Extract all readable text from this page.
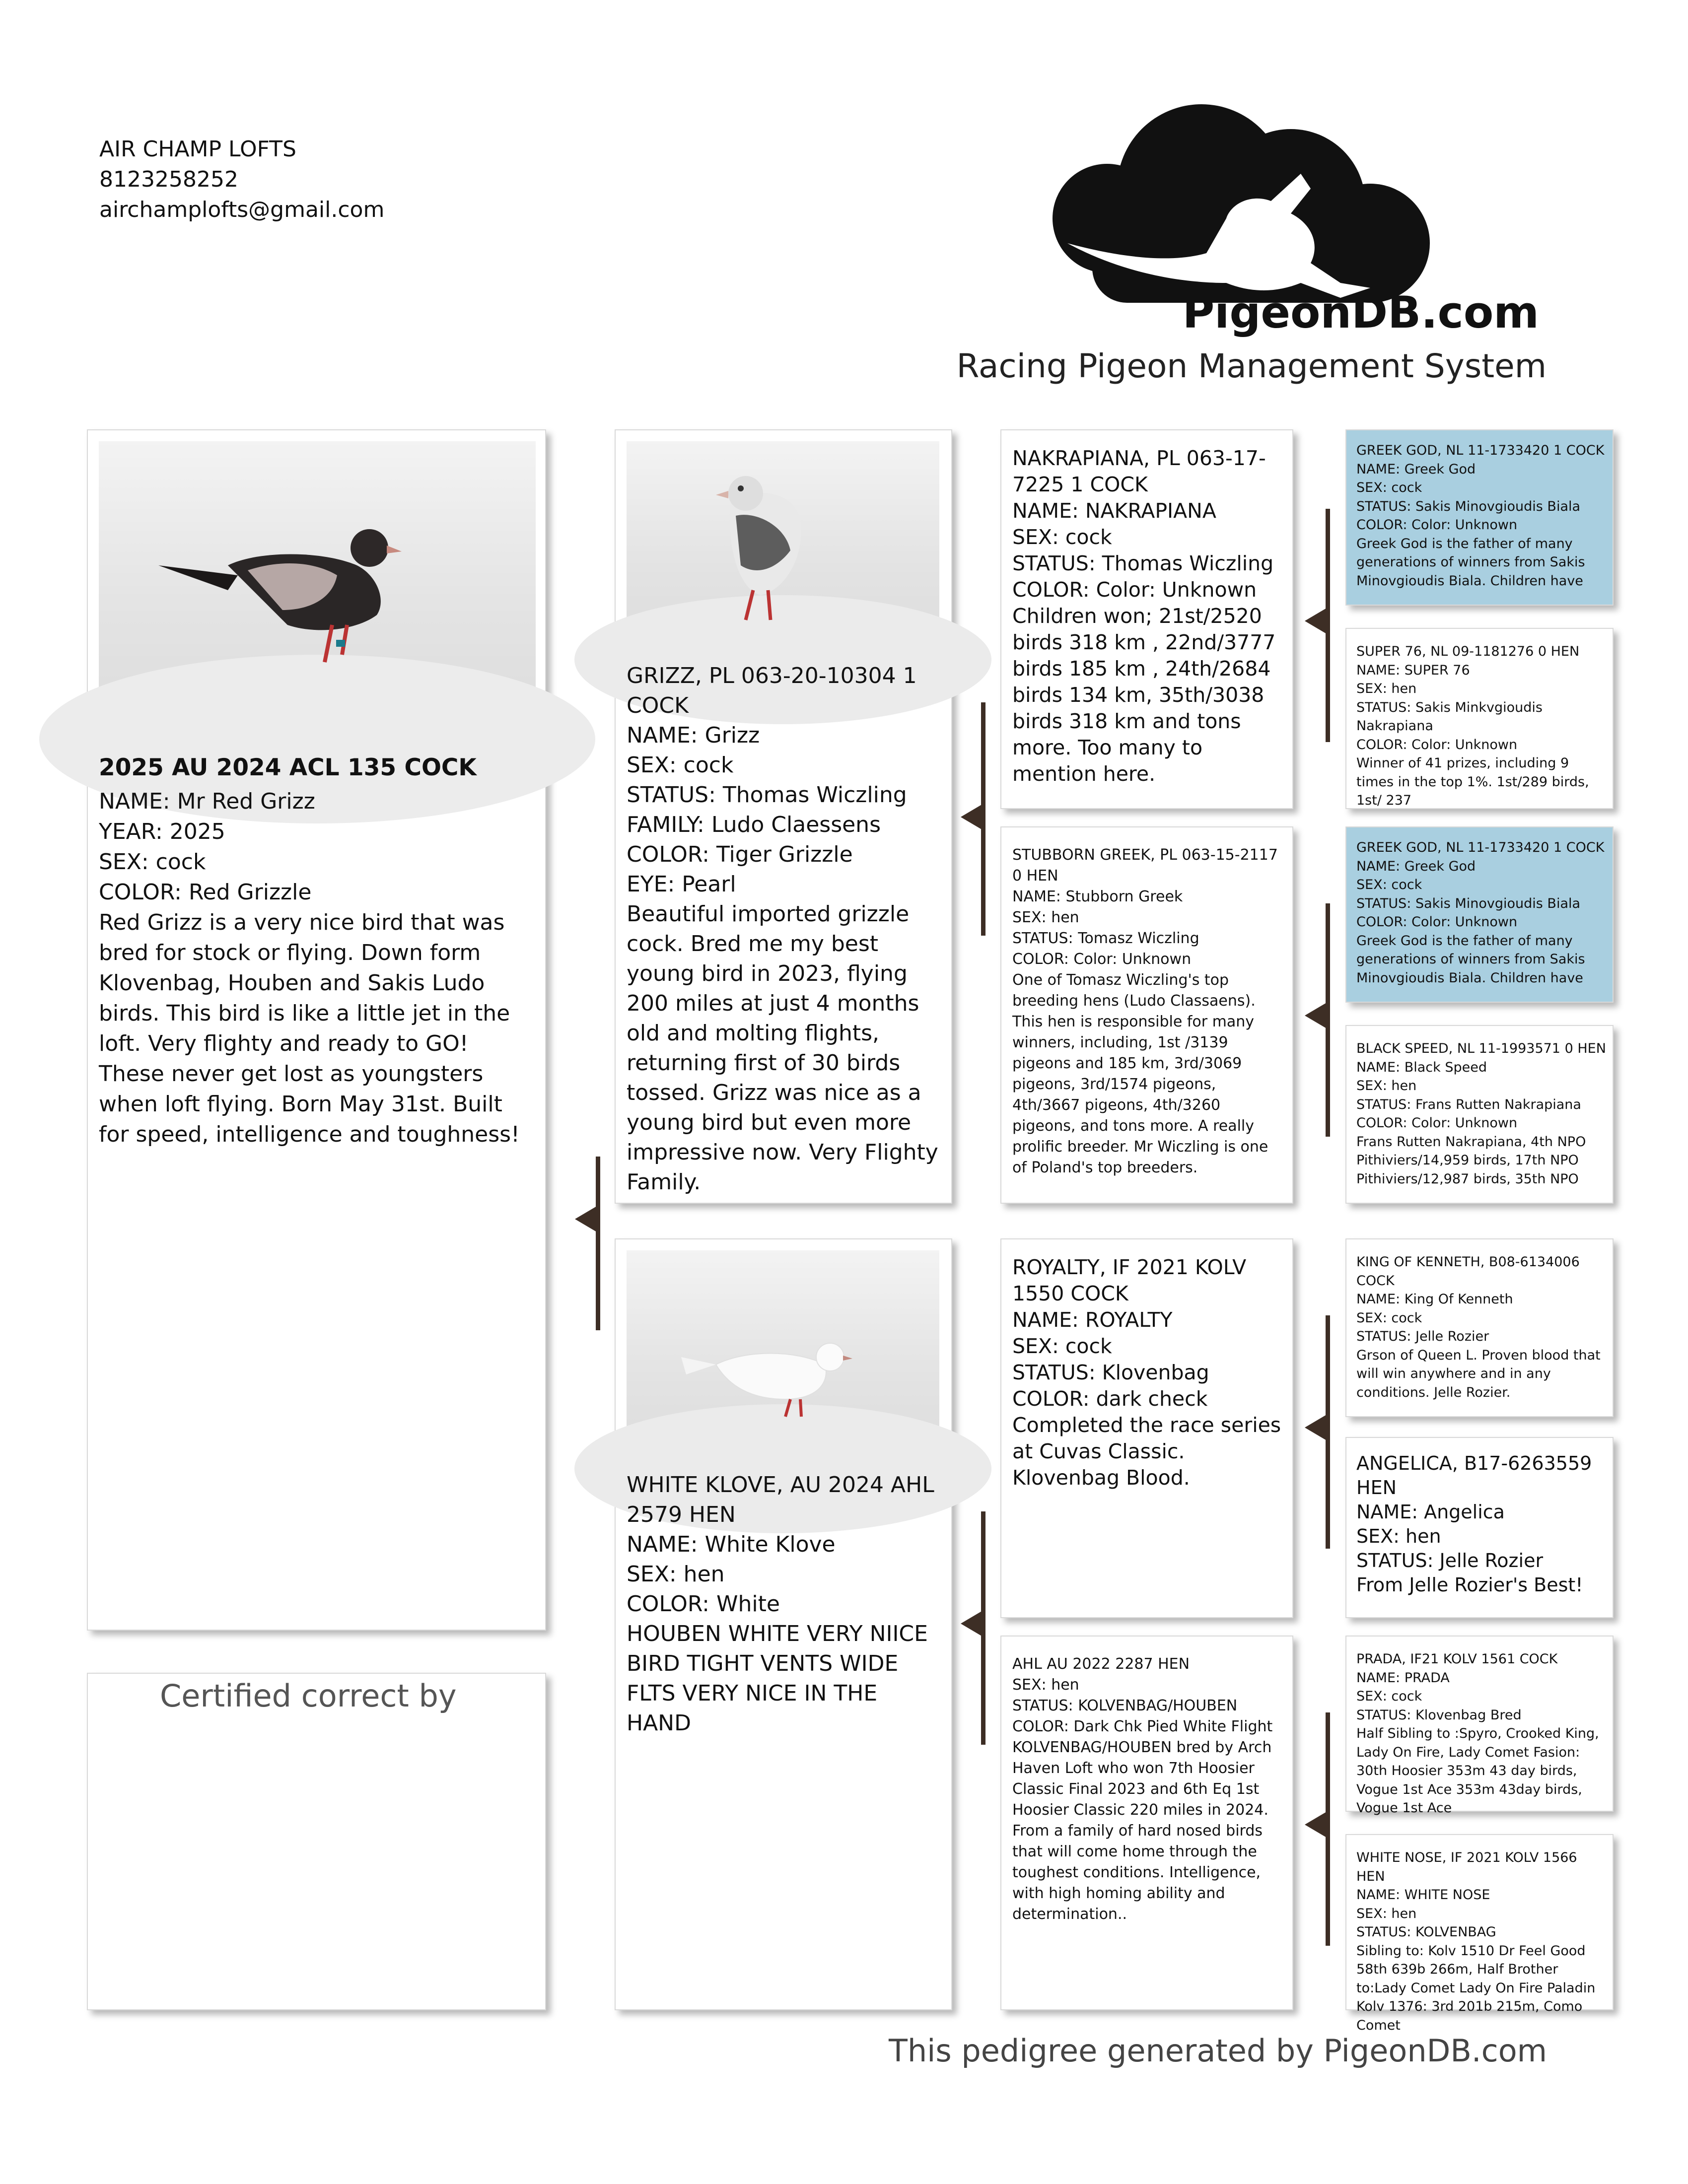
AIR CHAMP LOFTS
8123258252
airchamplofts@gmail.com
PigeonDB.com
Racing Pigeon Management System
2025 AU 2024 ACL 135 COCK
NAME: Mr Red Grizz
YEAR: 2025
SEX: cock
COLOR: Red Grizzle
Red Grizz is a very nice bird that was bred for stock or flying. Down form Klovenbag, Houben and Sakis Ludo birds. This bird is like a little jet in the loft. Very flighty and ready to GO! These never get lost as youngsters when loft flying. Born May 31st. Built for speed, intelligence and toughness!
Certified correct by
GRIZZ, PL 063-20-10304 1 COCK
NAME: Grizz
SEX: cock
STATUS: Thomas Wiczling
FAMILY: Ludo Claessens
COLOR: Tiger Grizzle
EYE: Pearl
Beautiful imported grizzle cock. Bred me my best young bird in 2023, flying 200 miles at just 4 months old and molting flights, returning first of 30 birds tossed. Grizz was nice as a young bird but even more impressive now. Very Flighty Family.
WHITE KLOVE, AU 2024 AHL 2579 HEN
NAME: White Klove
SEX: hen
COLOR: White
HOUBEN WHITE VERY NIICE BIRD TIGHT VENTS WIDE FLTS VERY NICE IN THE HAND
NAKRAPIANA, PL 063-17-7225 1 COCK
NAME: NAKRAPIANA
SEX: cock
STATUS: Thomas Wiczling
COLOR: Color: Unknown
Children won; 21st/2520 birds 318 km , 22nd/3777 birds 185 km , 24th/2684 birds 134 km, 35th/3038 birds 318 km and tons more. Too many to mention here.
STUBBORN GREEK, PL 063-15-2117 0 HEN
NAME: Stubborn Greek
SEX: hen
STATUS: Tomasz Wiczling
COLOR: Color: Unknown
One of Tomasz Wiczling's top breeding hens (Ludo Classaens). This hen is responsible for many winners, including, 1st /3139 pigeons and 185 km, 3rd/3069 pigeons, 3rd/1574 pigeons, 4th/3667 pigeons, 4th/3260 pigeons, and tons more. A really prolific breeder. Mr Wiczling is one of Poland's top breeders.
ROYALTY, IF 2021 KOLV 1550 COCK
NAME: ROYALTY
SEX: cock
STATUS: Klovenbag
COLOR: dark check
Completed the race series at Cuvas Classic. Klovenbag Blood.
AHL AU 2022 2287 HEN
SEX: hen
STATUS: KOLVENBAG/HOUBEN
COLOR: Dark Chk Pied White Flight
KOLVENBAG/HOUBEN bred by Arch Haven Loft who won 7th Hoosier Classic Final 2023 and 6th Eq 1st Hoosier Classic 220 miles in 2024. From a family of hard nosed birds that will come home through the toughest conditions. Intelligence, with high homing ability and determination..
GREEK GOD, NL 11-1733420 1 COCK
NAME: Greek God
SEX: cock
STATUS: Sakis Minovgioudis Biala
COLOR: Color: Unknown
Greek God is the father of many generations of winners from Sakis Minovgioudis Biala. Children have
SUPER 76, NL 09-1181276 0 HEN
NAME: SUPER 76
SEX: hen
STATUS: Sakis Minkvgioudis Nakrapiana
COLOR: Color: Unknown
Winner of 41 prizes, including 9 times in the top 1%. 1st/289 birds, 1st/ 237
GREEK GOD, NL 11-1733420 1 COCK
NAME: Greek God
SEX: cock
STATUS: Sakis Minovgioudis Biala
COLOR: Color: Unknown
Greek God is the father of many generations of winners from Sakis Minovgioudis Biala. Children have
BLACK SPEED, NL 11-1993571 0 HEN
NAME: Black Speed
SEX: hen
STATUS: Frans Rutten Nakrapiana
COLOR: Color: Unknown
Frans Rutten Nakrapiana, 4th NPO Pithiviers/14,959 birds, 17th NPO Pithiviers/12,987 birds, 35th NPO
KING OF KENNETH, B08-6134006 COCK
NAME: King Of Kenneth
SEX: cock
STATUS: Jelle Rozier
Grson of Queen L. Proven blood that will win anywhere and in any conditions. Jelle Rozier.
ANGELICA, B17-6263559 HEN
NAME: Angelica
SEX: hen
STATUS: Jelle Rozier
From Jelle Rozier's Best!
PRADA, IF21 KOLV 1561 COCK
NAME: PRADA
SEX: cock
STATUS: Klovenbag Bred
Half Sibling to :Spyro, Crooked King, Lady On Fire, Lady Comet Fasion: 30th Hoosier 353m 43 day birds, Vogue 1st Ace 353m 43day birds, Vogue 1st Ace
WHITE NOSE, IF 2021 KOLV 1566 HEN
NAME: WHITE NOSE
SEX: hen
STATUS: KOLVENBAG
Sibling to: Kolv 1510 Dr Feel Good 58th 639b 266m, Half Brother to:Lady Comet Lady On Fire Paladin Kolv 1376: 3rd 201b 215m, Como Comet
This pedigree generated by PigeonDB.com
